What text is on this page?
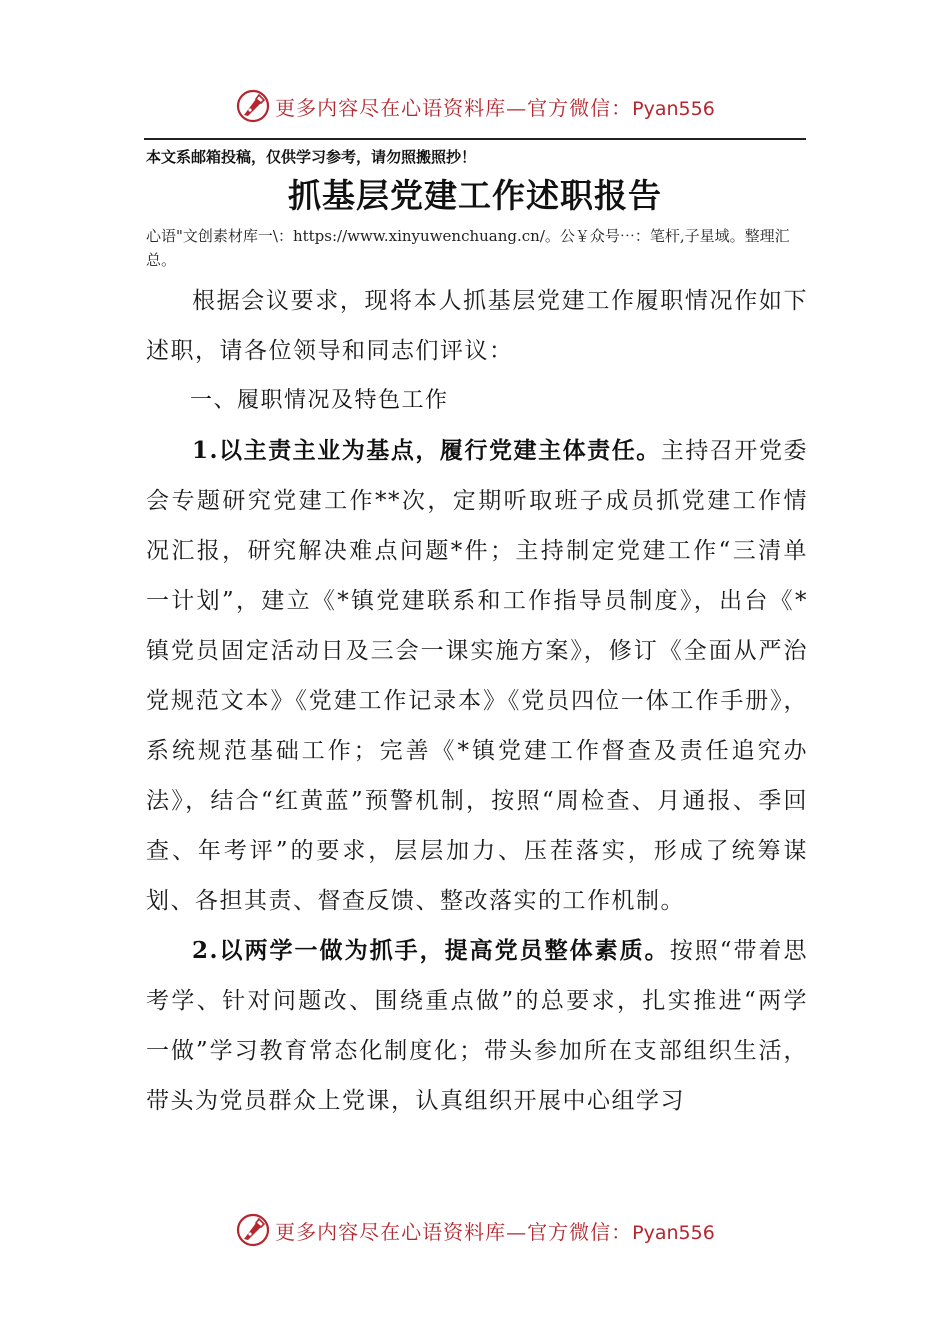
更多内容尽在心语资料库—官方微信：Pyan556
本文系邮箱投稿，仅供学习参考，请勿照搬照抄！
抓基层党建工作述职报告
心语"文创素材库一\：https://www.xinyuwenchuang.cn/。公￥众号⋯：笔杆,子星域。整理汇总。

根据会议要求，现将本人抓基层党建工作履职情况作如下述职，请各位领导和同志们评议：

一、履职情况及特色工作

1.以主责主业为基点，履行党建主体责任。主持召开党委会专题研究党建工作**次，定期听取班子成员抓党建工作情况汇报，研究解决难点问题*件；主持制定党建工作“三清单一计划”，建立《*镇党建联系和工作指导员制度》，出台《*镇党员固定活动日及三会一课实施方案》，修订《全面从严治党规范文本》《党建工作记录本》《党员四位一体工作手册》，系统规范基础工作；完善《*镇党建工作督查及责任追究办法》，结合“红黄蓝”预警机制，按照“周检查、月通报、季回查、年考评”的要求，层层加力、压茬落实，形成了统筹谋划、各担其责、督查反馈、整改落实的工作机制。

2.以两学一做为抓手，提高党员整体素质。按照“带着思考学、针对问题改、围绕重点做”的总要求，扎实推进“两学一做”学习教育常态化制度化；带头参加所在支部组织生活，带头为党员群众上党课，认真组织开展中心组学习

更多内容尽在心语资料库—官方微信：Pyan556
